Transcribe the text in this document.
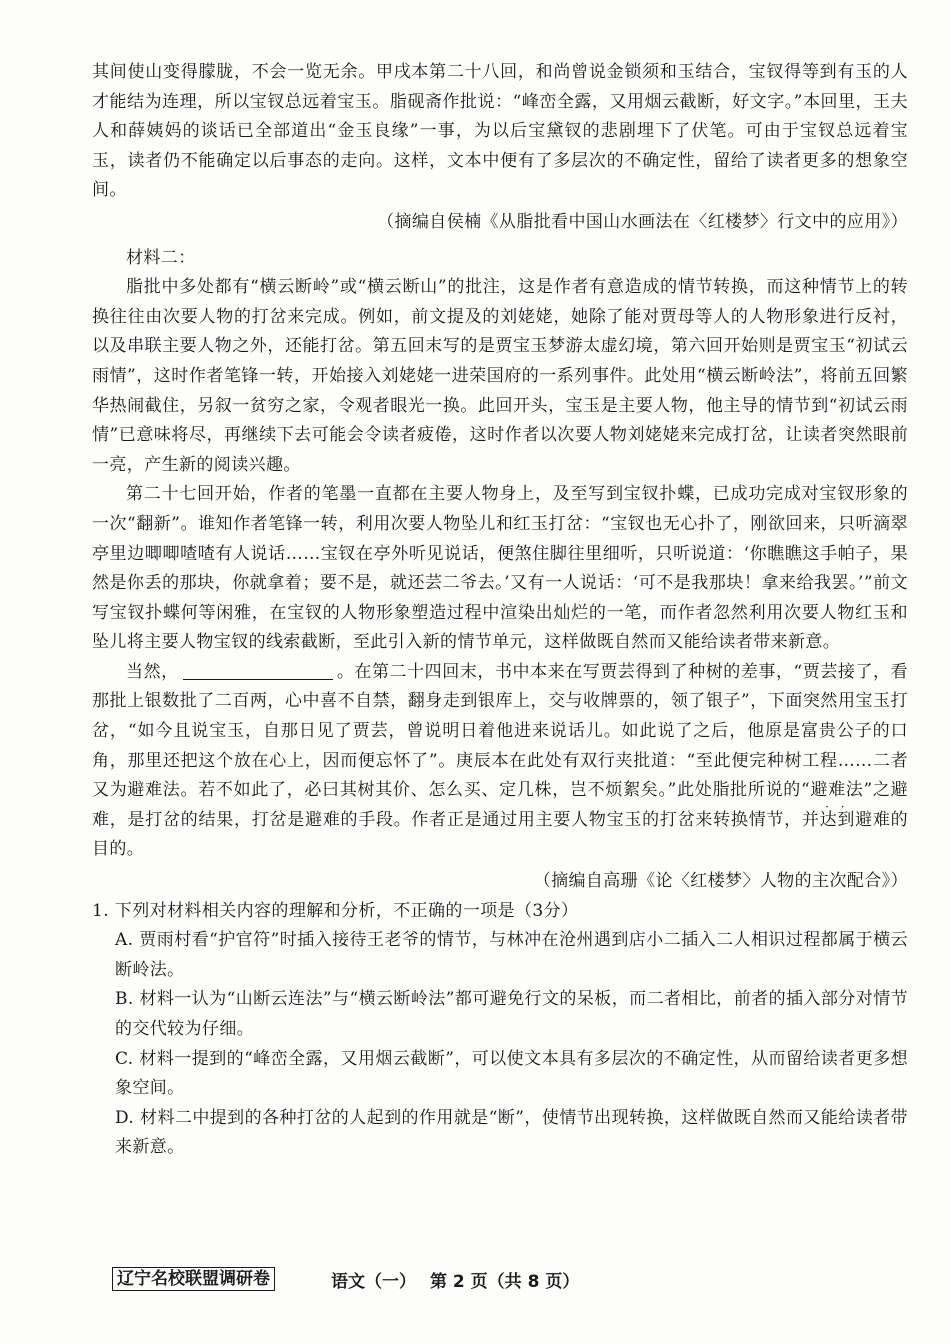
其间使山变得朦胧，不会一览无余。甲戌本第二十八回，和尚曾说金锁须和玉结合，宝钗得等到有玉的人才能结为连理，所以宝钗总远着宝玉。脂砚斋作批说：“峰峦全露，又用烟云截断，好文字。”本回里，王夫人和薛姨妈的谈话已全部道出“金玉良缘”一事，为以后宝黛钗的悲剧埋下了伏笔。可由于宝钗总远着宝玉，读者仍不能确定以后事态的走向。这样，文本中便有了多层次的不确定性，留给了读者更多的想象空间。

（摘编自侯楠《从脂批看中国山水画法在〈红楼梦〉行文中的应用》）

材料二：

脂批中多处都有“横云断岭”或“横云断山”的批注，这是作者有意造成的情节转换，而这种情节上的转换往往由次要人物的打岔来完成。例如，前文提及的刘姥姥，她除了能对贾母等人的人物形象进行反衬，以及串联主要人物之外，还能打岔。第五回末写的是贾宝玉梦游太虚幻境，第六回开始则是贾宝玉“初试云雨情”，这时作者笔锋一转，开始接入刘姥姥一进荣国府的一系列事件。此处用“横云断岭法”，将前五回繁华热闹截住，另叙一贫穷之家，令观者眼光一换。此回开头，宝玉是主要人物，他主导的情节到“初试云雨情”已意味将尽，再继续下去可能会令读者疲倦，这时作者以次要人物刘姥姥来完成打岔，让读者突然眼前一亮，产生新的阅读兴趣。

第二十七回开始，作者的笔墨一直都在主要人物身上，及至写到宝钗扑蝶，已成功完成对宝钗形象的一次“翻新”。谁知作者笔锋一转，利用次要人物坠儿和红玉打岔：“宝钗也无心扑了，刚欲回来，只听滴翠亭里边唧唧喳喳有人说话……宝钗在亭外听见说话，便煞住脚往里细听，只听说道：‘你瞧瞧这手帕子，果然是你丢的那块，你就拿着；要不是，就还芸二爷去。’又有一人说话：‘可不是我那块！拿来给我罢。’”前文写宝钗扑蝶何等闲雅，在宝钗的人物形象塑造过程中渲染出灿烂的一笔，而作者忽然利用次要人物红玉和坠儿将主要人物宝钗的线索截断，至此引入新的情节单元，这样做既自然而又能给读者带来新意。

当然，	。在第二十四回末，书中本来在写贾芸得到了种树的差事，“贾芸接了，看那批上银数批了二百两，心中喜不自禁，翻身走到银库上，交与收牌票的，领了银子”，下面突然用宝玉打岔，“如今且说宝玉，自那日见了贾芸，曾说明日着他进来说话儿。如此说了之后，他原是富贵公子的口角，那里还把这个放在心上，因而便忘怀了”。庚辰本在此处有双行夹批道：“至此便完种树工程……二者又为避难法。若不如此了，必曰其树其价、怎么买、定几株，岂不烦絮矣。”此处脂批所说的“避难法 · · ·”之避难，是打岔的结果，打岔是避难的手段。作者正是通过用主要人物宝玉的打岔来转换情节，并达到避难的目的。

（摘编自高珊《论〈红楼梦〉人物的主次配合》）

1. 下列对材料相关内容的理解和分析，不正确的一项是（3分）

A. 贾雨村看“护官符”时插入接待王老爷的情节，与林冲在沧州遇到店小二插入二人相识过程都属于横云断岭法。

B. 材料一认为“山断云连法”与“横云断岭法”都可避免行文的呆板，而二者相比，前者的插入部分对情节的交代较为仔细。

C. 材料一提到的“峰峦全露，又用烟云截断”，可以使文本具有多层次的不确定性，从而留给读者更多想象空间。

D. 材料二中提到的各种打岔的人起到的作用就是“断”，使情节出现转换，这样做既自然而又能给读者带来新意。

辽宁名校联盟调研卷	语文（一） 第 2 页（共 8 页）
